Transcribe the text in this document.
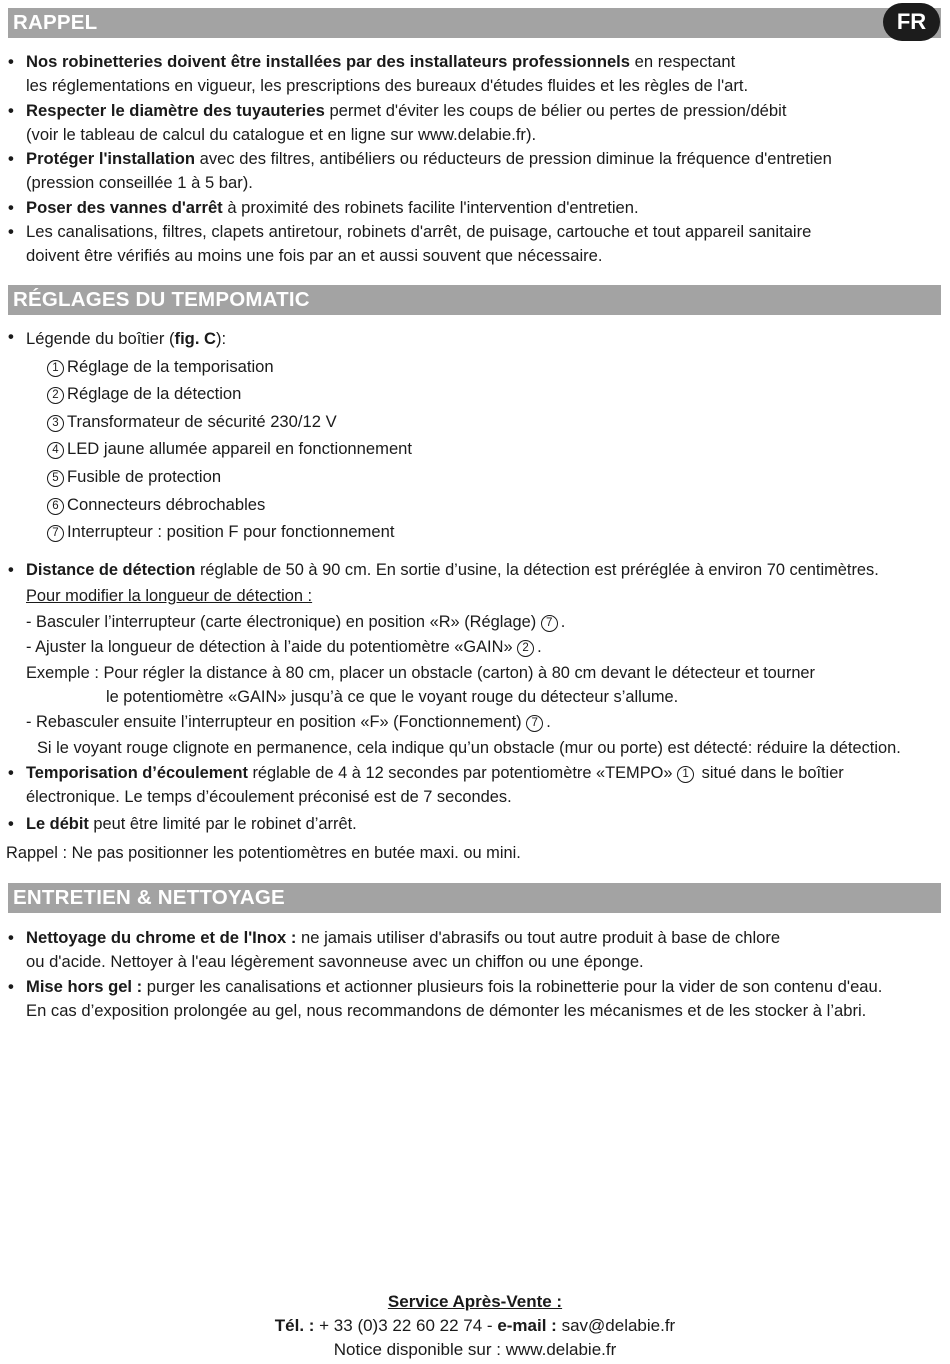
RAPPEL	FR
• Nos robinetteries doivent être installées par des installateurs professionnels en respectant
les réglementations en vigueur, les prescriptions des bureaux d'études fluides et les règles de l'art.
• Respecter le diamètre des tuyauteries permet d'éviter les coups de bélier ou pertes de pression/débit
(voir le tableau de calcul du catalogue et en ligne sur www.delabie.fr).
• Protéger l'installation avec des filtres, antibéliers ou réducteurs de pression diminue la fréquence d'entretien
(pression conseillée 1 à 5 bar).
• Poser des vannes d'arrêt à proximité des robinets facilite l'intervention d'entretien.
• Les canalisations, filtres, clapets antiretour, robinets d'arrêt, de puisage, cartouche et tout appareil sanitaire
doivent être vérifiés au moins une fois par an et aussi souvent que nécessaire.
RÉGLAGES DU TEMPOMATIC
• Légende du boîtier (fig. C):
1 Réglage de la temporisation
2 Réglage de la détection
3 Transformateur de sécurité 230/12 V
4 LED jaune allumée appareil en fonctionnement
5 Fusible de protection
6 Connecteurs débrochables
7 Interrupteur : position F pour fonctionnement
• Distance de détection réglable de 50 à 90 cm. En sortie d’usine, la détection est préréglée à environ 70 centimètres.
Pour modifier la longueur de détection :
- Basculer l’interrupteur (carte électronique) en position «R» (Réglage) 7 .
- Ajuster la longueur de détection à l’aide du potentiomètre «GAIN» 2 .
Exemple : Pour régler la distance à 80 cm, placer un obstacle (carton) à 80 cm devant le détecteur et tourner
le potentiomètre «GAIN» jusqu’à ce que le voyant rouge du détecteur s’allume.
- Rebasculer ensuite l’interrupteur en position «F» (Fonctionnement) 7 .
Si le voyant rouge clignote en permanence, cela indique qu’un obstacle (mur ou porte) est détecté: réduire la détection.
• Temporisation d’écoulement réglable de 4 à 12 secondes par potentiomètre «TEMPO» 1 situé dans le boîtier
électronique. Le temps d’écoulement préconisé est de 7 secondes.
• Le débit peut être limité par le robinet d’arrêt.
Rappel : Ne pas positionner les potentiomètres en butée maxi. ou mini.
ENTRETIEN & NETTOYAGE
• Nettoyage du chrome et de l'Inox : ne jamais utiliser d'abrasifs ou tout autre produit à base de chlore
ou d'acide. Nettoyer à l'eau légèrement savonneuse avec un chiffon ou une éponge.
• Mise hors gel : purger les canalisations et actionner plusieurs fois la robinetterie pour la vider de son contenu d'eau.
En cas d’exposition prolongée au gel, nous recommandons de démonter les mécanismes et de les stocker à l’abri.
Service Après-Vente :
Tél. : + 33 (0)3 22 60 22 74 - e-mail : sav@delabie.fr
Notice disponible sur : www.delabie.fr
